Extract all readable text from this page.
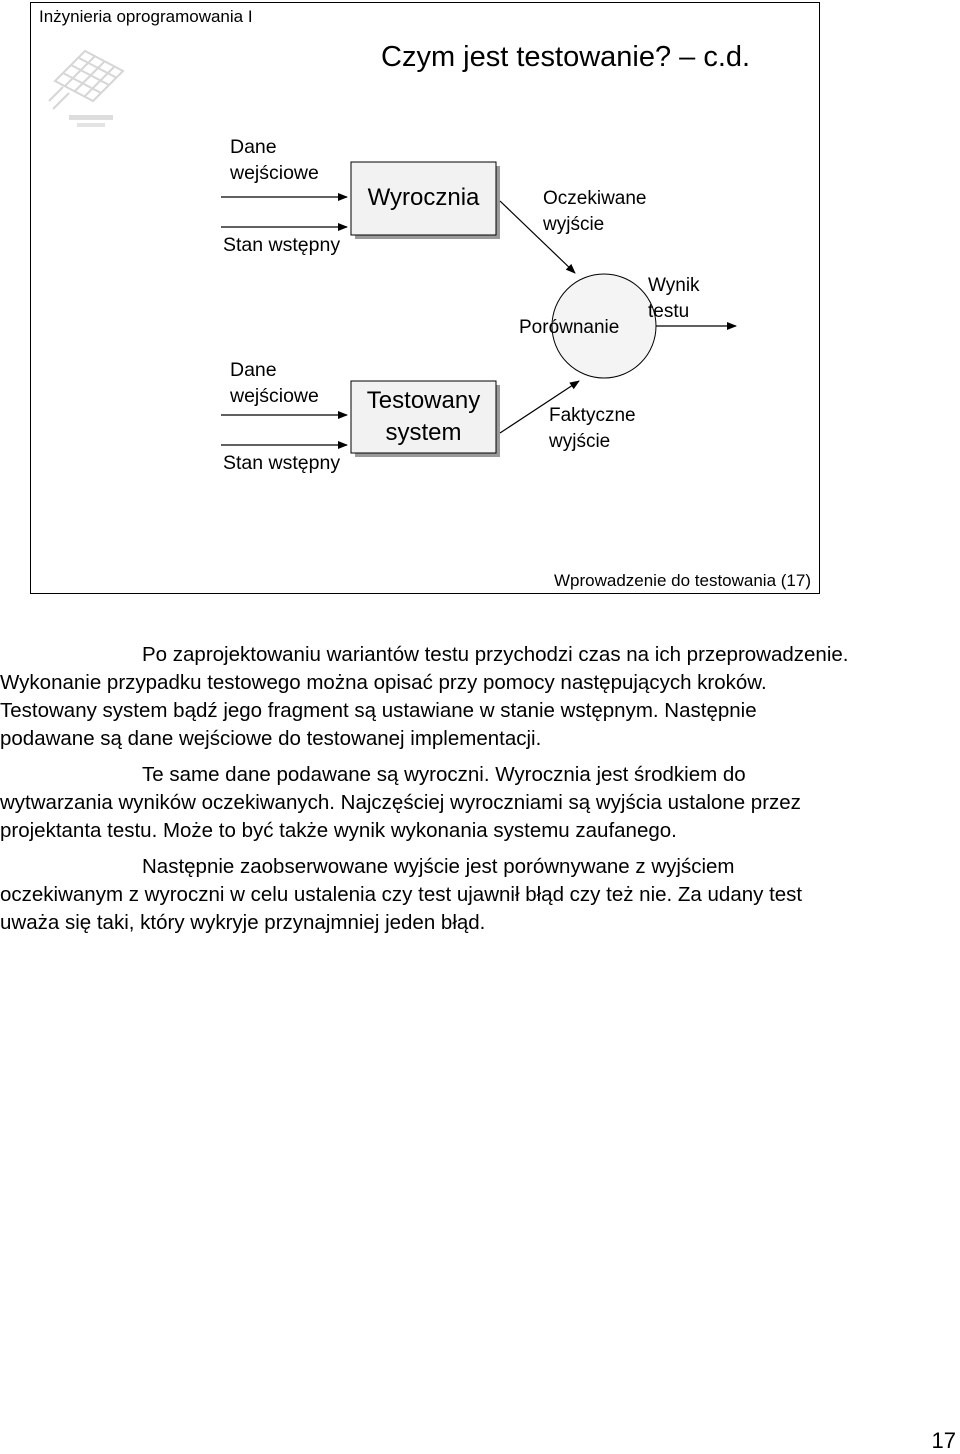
Inżynieria oprogramowania I
Czym jest testowanie? – c.d.
Dane
wejściowe
Stan wstępny
Wyrocznia	Oczekiwane
wyjście
Porównanie
Wynik
testu
Dane
wejściowe
Stan wstępny
Testowany
system
Faktyczne
wyjście
Wprowadzenie do testowania (17)

Po zaprojektowaniu wariantów testu przychodzi czas na ich przeprowadzenie. Wykonanie przypadku testowego można opisać przy pomocy następujących kroków. Testowany system bądź jego fragment są ustawiane w stanie wstępnym. Następnie podawane są dane wejściowe do testowanej implementacji.

Te same dane podawane są wyroczni. Wyrocznia jest środkiem do wytwarzania wyników oczekiwanych. Najczęściej wyroczniami są wyjścia ustalone przez projektanta testu. Może to być także wynik wykonania systemu zaufanego.

Następnie zaobserwowane wyjście jest porównywane z wyjściem oczekiwanym z wyroczni w celu ustalenia czy test ujawnił błąd czy też nie. Za udany test uważa się taki, który wykryje przynajmniej jeden błąd.

17
